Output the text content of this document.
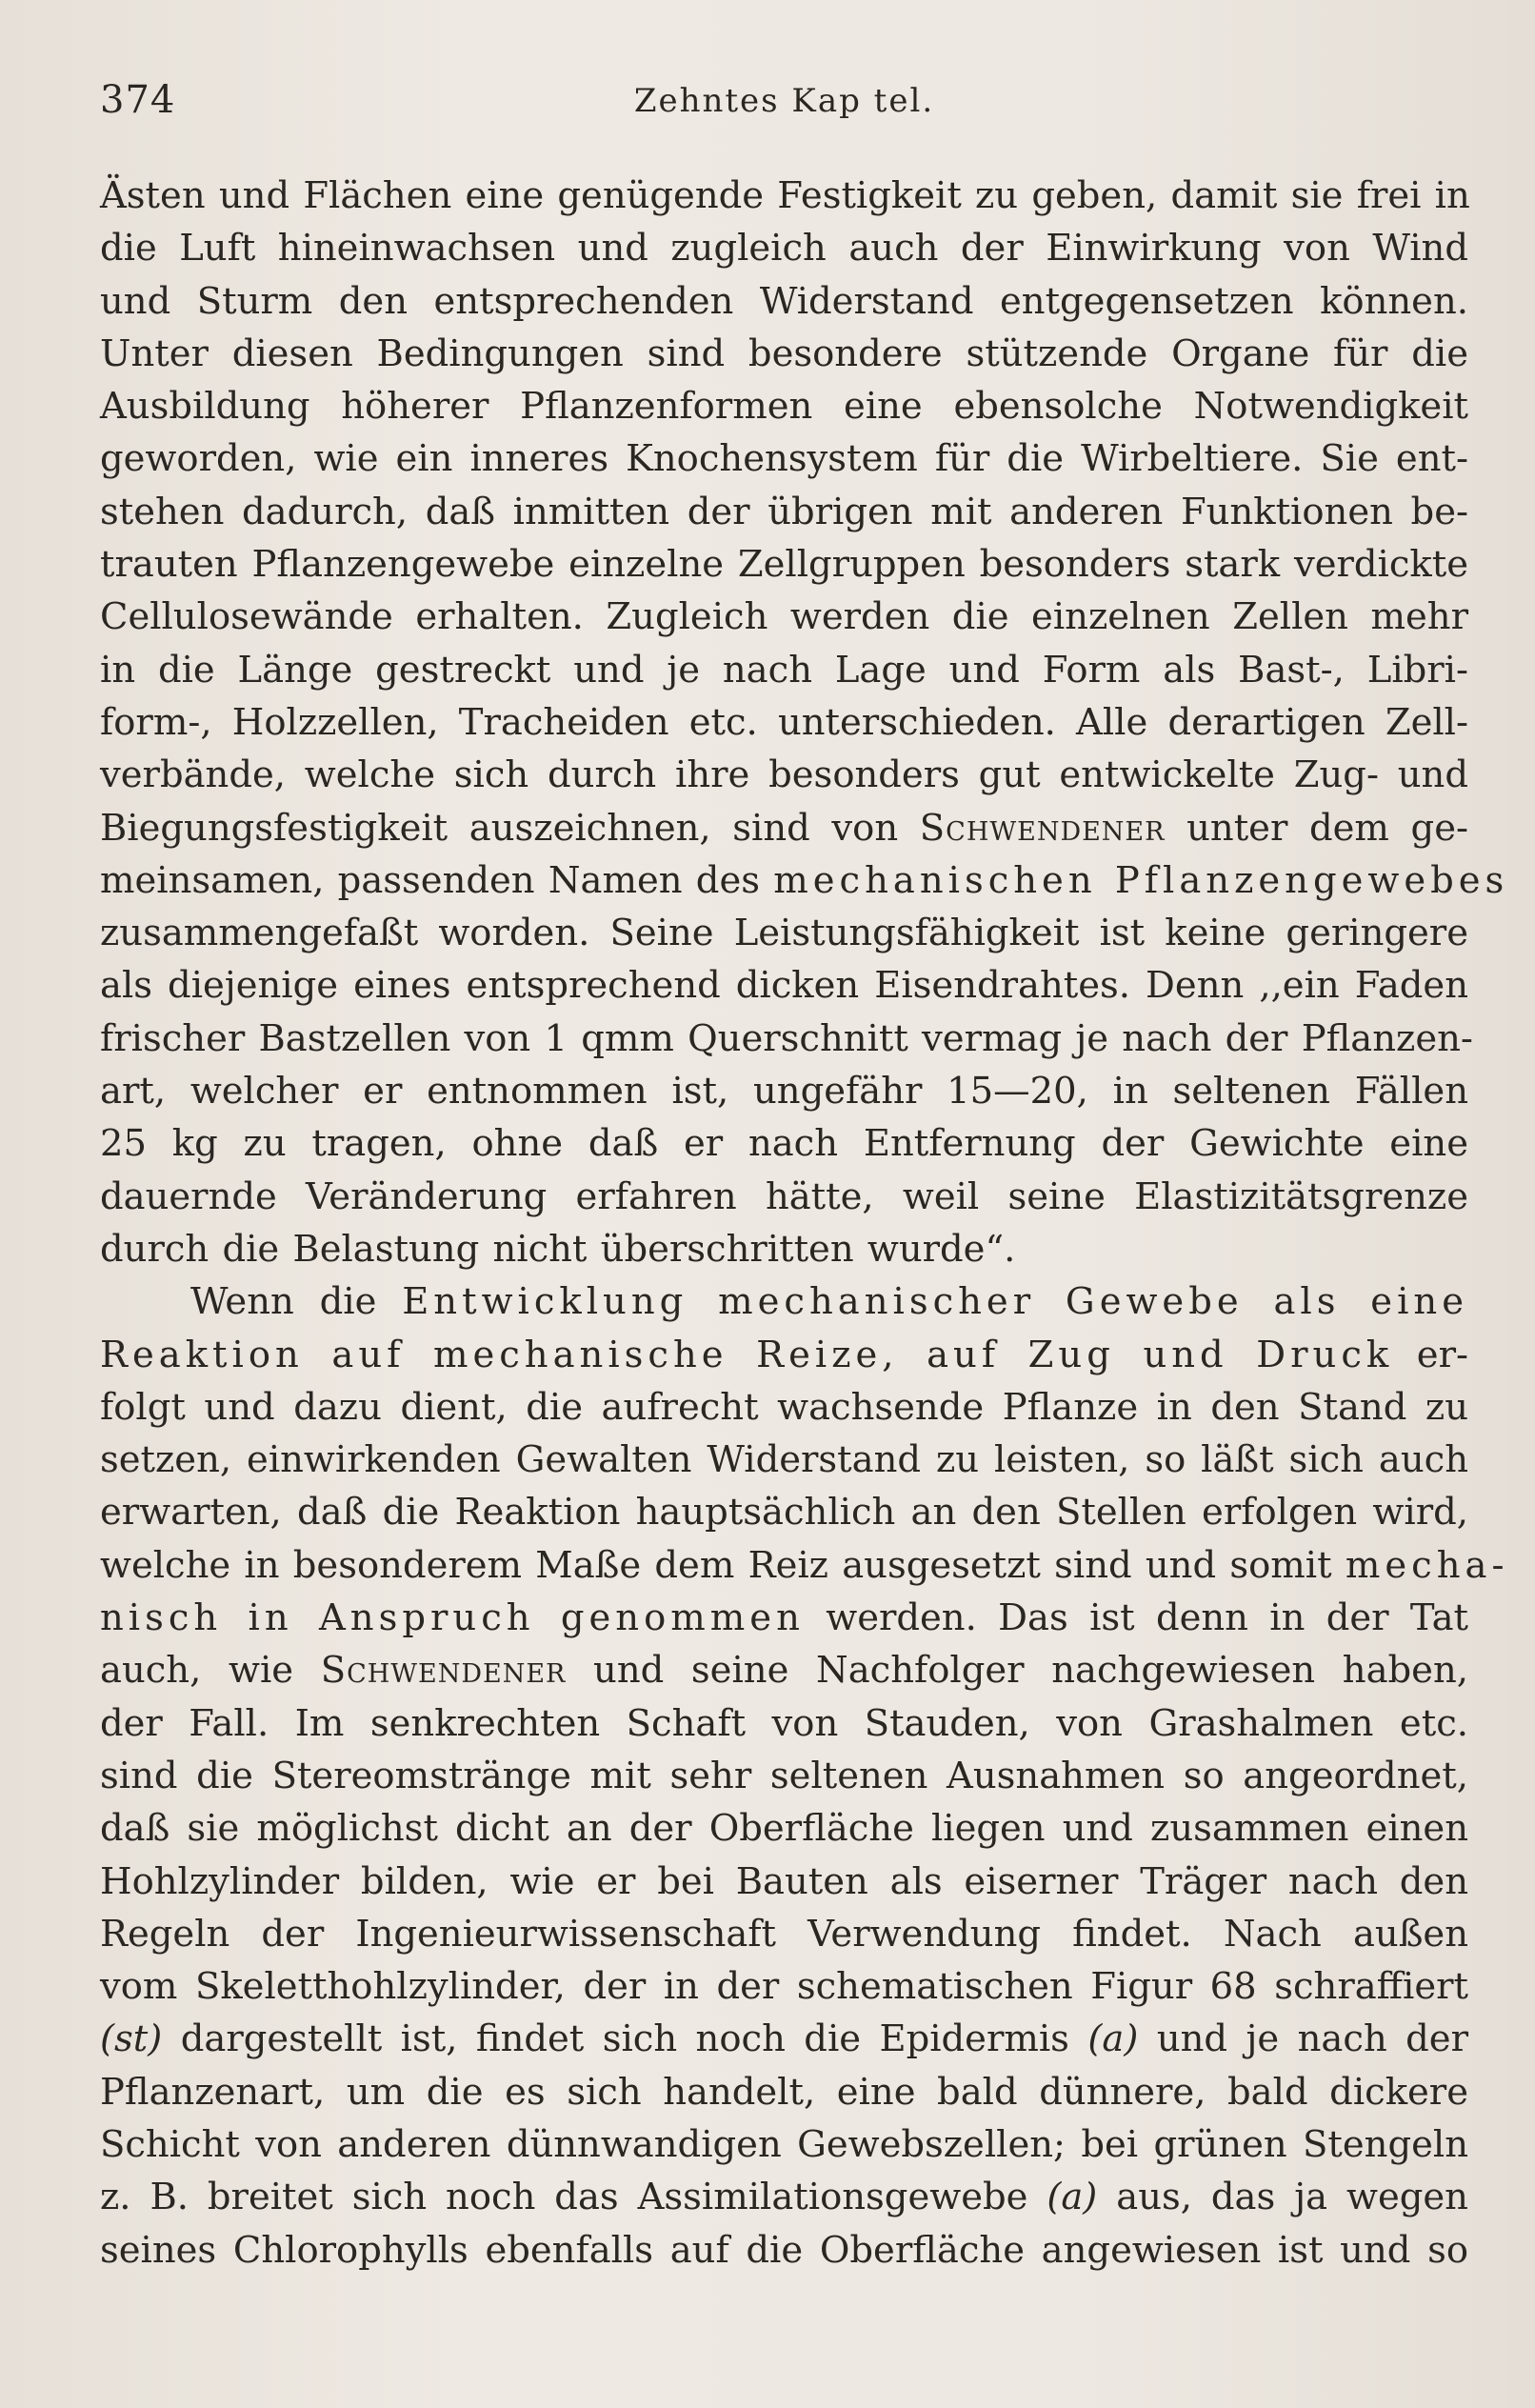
374	Zehntes Kap tel.
Ästen und Flächen eine genügende Festigkeit zu geben, damit sie frei in
die Luft hineinwachsen und zugleich auch der Einwirkung von Wind
und Sturm den entsprechenden Widerstand entgegensetzen können.
Unter diesen Bedingungen sind besondere stützende Organe für die
Ausbildung höherer Pflanzenformen eine ebensolche Notwendigkeit
geworden, wie ein inneres Knochensystem für die Wirbeltiere. Sie ent-
stehen dadurch, daß inmitten der übrigen mit anderen Funktionen be-
trauten Pflanzengewebe einzelne Zellgruppen besonders stark verdickte
Cellulosewände erhalten. Zugleich werden die einzelnen Zellen mehr
in die Länge gestreckt und je nach Lage und Form als Bast-, Libri-
form-, Holzzellen, Tracheiden etc. unterschieden. Alle derartigen Zell-
verbände, welche sich durch ihre besonders gut entwickelte Zug- und
Biegungsfestigkeit auszeichnen, sind von Schwendener unter dem ge-
meinsamen, passenden Namen des mechanischen Pflanzengewebes
zusammengefaßt worden. Seine Leistungsfähigkeit ist keine geringere
als diejenige eines entsprechend dicken Eisendrahtes. Denn ,,ein Faden
frischer Bastzellen von 1 qmm Querschnitt vermag je nach der Pflanzen-
art, welcher er entnommen ist, ungefähr 15—20, in seltenen Fällen
25 kg zu tragen, ohne daß er nach Entfernung der Gewichte eine
dauernde Veränderung erfahren hätte, weil seine Elastizitätsgrenze
durch die Belastung nicht überschritten wurde“.
Wenn die Entwicklung mechanischer Gewebe als eine
Reaktion auf mechanische Reize, auf Zug und Druck er-
folgt und dazu dient, die aufrecht wachsende Pflanze in den Stand zu
setzen, einwirkenden Gewalten Widerstand zu leisten, so läßt sich auch
erwarten, daß die Reaktion hauptsächlich an den Stellen erfolgen wird,
welche in besonderem Maße dem Reiz ausgesetzt sind und somit mecha-
nisch in Anspruch genommen werden. Das ist denn in der Tat
auch, wie Schwendener und seine Nachfolger nachgewiesen haben,
der Fall. Im senkrechten Schaft von Stauden, von Grashalmen etc.
sind die Stereomstränge mit sehr seltenen Ausnahmen so angeordnet,
daß sie möglichst dicht an der Oberfläche liegen und zusammen einen
Hohlzylinder bilden, wie er bei Bauten als eiserner Träger nach den
Regeln der Ingenieurwissenschaft Verwendung findet. Nach außen
vom Skeletthohlzylinder, der in der schematischen Figur 68 schraffiert
(st) dargestellt ist, findet sich noch die Epidermis (a) und je nach der
Pflanzenart, um die es sich handelt, eine bald dünnere, bald dickere
Schicht von anderen dünnwandigen Gewebszellen; bei grünen Stengeln
z. B. breitet sich noch das Assimilationsgewebe (a) aus, das ja wegen
seines Chlorophylls ebenfalls auf die Oberfläche angewiesen ist und so
